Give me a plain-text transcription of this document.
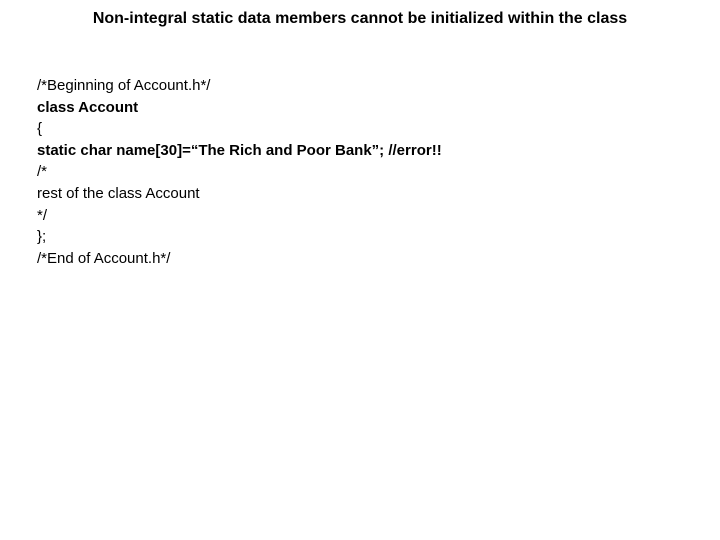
Non-integral static data members cannot be initialized within the class
/*Beginning of Account.h*/
class Account
{
static char name[30]=“The Rich and Poor Bank”; //error!!
/*
rest of the class Account
*/
};
/*End of Account.h*/
